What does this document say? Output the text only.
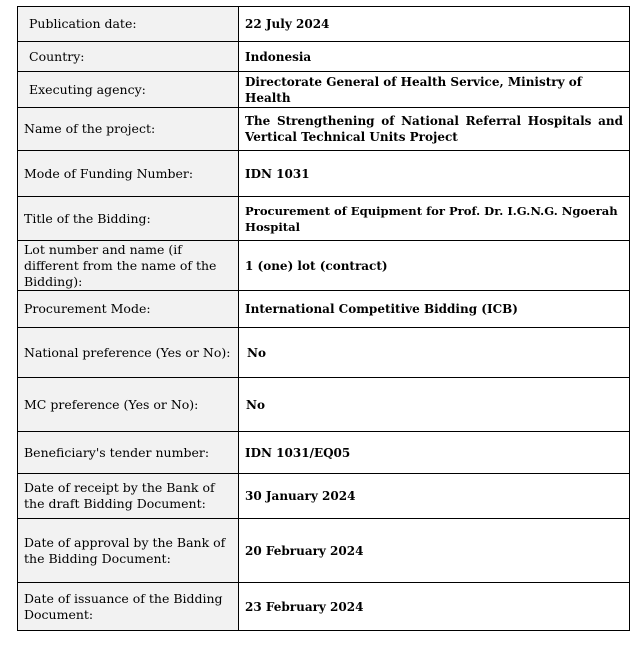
Publication date:	22 July 2024
Country:	Indonesia
Executing agency:	Directorate General of Health Service, Ministry of Health
Name of the project:	The Strengthening of National Referral Hospitals and Vertical Technical Units Project
Mode of Funding Number:	IDN 1031
Title of the Bidding:	Procurement of Equipment for Prof. Dr. I.G.N.G. Ngoerah Hospital
Lot number and name (if different from the name of the Bidding):	1 (one) lot (contract)
Procurement Mode:	International Competitive Bidding (ICB)
National preference (Yes or No):	No
MC preference (Yes or No):	No
Beneficiary's tender number:	IDN 1031/EQ05
Date of receipt by the Bank of the draft Bidding Document:	30 January 2024
Date of approval by the Bank of the Bidding Document:	20 February 2024
Date of issuance of the Bidding Document:	23 February 2024
